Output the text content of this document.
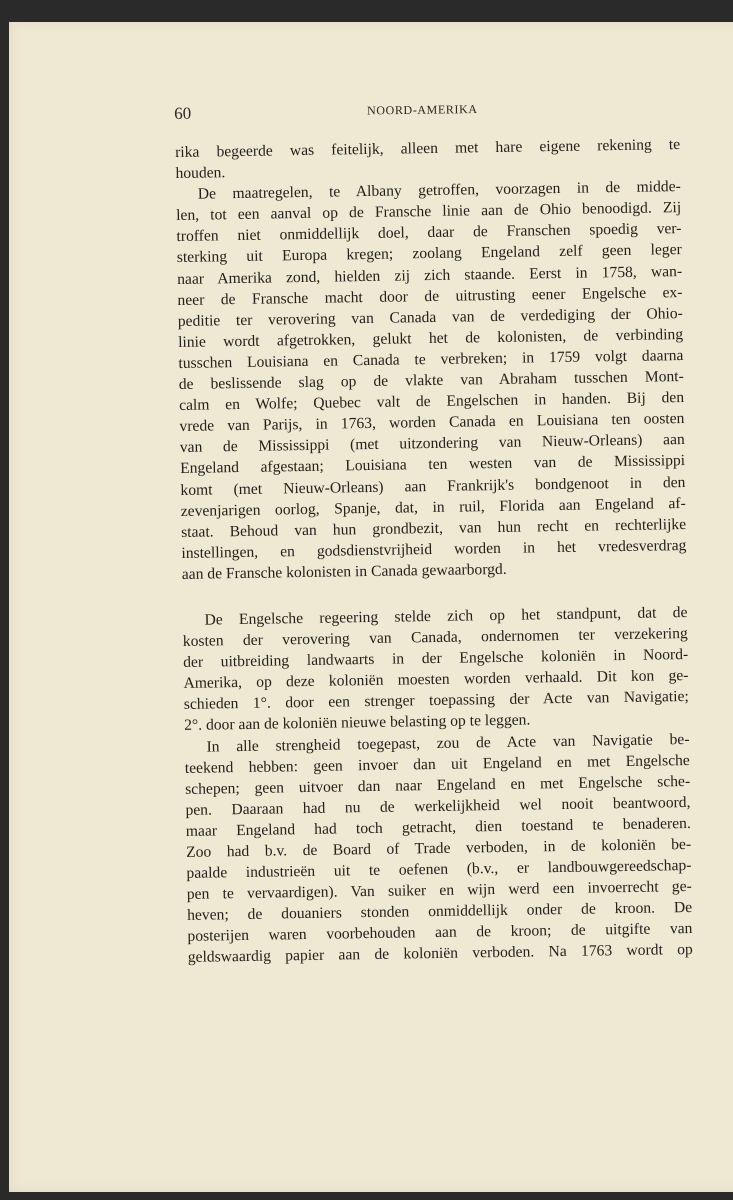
60	NOORD-AMERIKA
rika begeerde was feitelijk, alleen met hare eigene rekening te
houden.
De maatregelen, te Albany getroffen, voorzagen in de midde-
len, tot een aanval op de Fransche linie aan de Ohio benoodigd. Zij
troffen niet onmiddellijk doel, daar de Franschen spoedig ver-
sterking uit Europa kregen; zoolang Engeland zelf geen leger
naar Amerika zond, hielden zij zich staande. Eerst in 1758, wan-
neer de Fransche macht door de uitrusting eener Engelsche ex-
peditie ter verovering van Canada van de verdediging der Ohio-
linie wordt afgetrokken, gelukt het de kolonisten, de verbinding
tusschen Louisiana en Canada te verbreken; in 1759 volgt daarna
de beslissende slag op de vlakte van Abraham tusschen Mont-
calm en Wolfe; Quebec valt de Engelschen in handen. Bij den
vrede van Parijs, in 1763, worden Canada en Louisiana ten oosten
van de Mississippi (met uitzondering van Nieuw-Orleans) aan
Engeland afgestaan; Louisiana ten westen van de Mississippi
komt (met Nieuw-Orleans) aan Frankrijk's bondgenoot in den
zevenjarigen oorlog, Spanje, dat, in ruil, Florida aan Engeland af-
staat. Behoud van hun grondbezit, van hun recht en rechterlijke
instellingen, en godsdienstvrijheid worden in het vredesverdrag
aan de Fransche kolonisten in Canada gewaarborgd.
De Engelsche regeering stelde zich op het standpunt, dat de
kosten der verovering van Canada, ondernomen ter verzekering
der uitbreiding landwaarts in der Engelsche koloniën in Noord-
Amerika, op deze koloniën moesten worden verhaald. Dit kon ge-
schieden 1°. door een strenger toepassing der Acte van Navigatie;
2°. door aan de koloniën nieuwe belasting op te leggen.
In alle strengheid toegepast, zou de Acte van Navigatie be-
teekend hebben: geen invoer dan uit Engeland en met Engelsche
schepen; geen uitvoer dan naar Engeland en met Engelsche sche-
pen. Daaraan had nu de werkelijkheid wel nooit beantwoord,
maar Engeland had toch getracht, dien toestand te benaderen.
Zoo had b.v. de Board of Trade verboden, in de koloniën be-
paalde industrieën uit te oefenen (b.v., er landbouwgereedschap-
pen te vervaardigen). Van suiker en wijn werd een invoerrecht ge-
heven; de douaniers stonden onmiddellijk onder de kroon. De
posterijen waren voorbehouden aan de kroon; de uitgifte van
geldswaardig papier aan de koloniën verboden. Na 1763 wordt op
